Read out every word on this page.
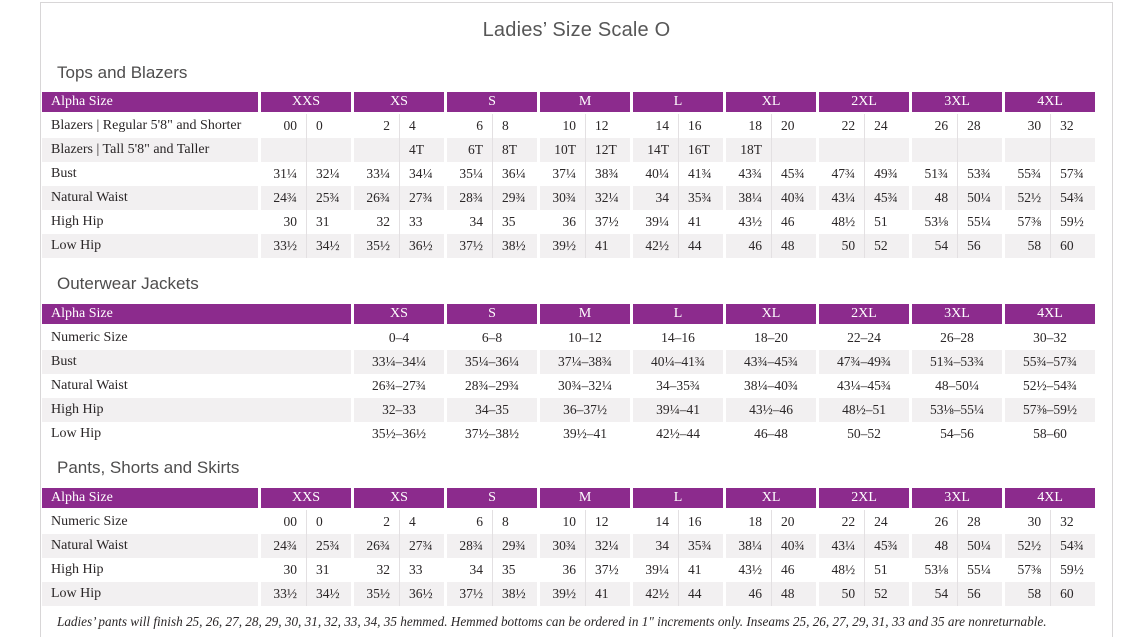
Ladies’ Size Scale O
Tops and Blazers
Alpha Size	XXS		XS		S		M		L		XL		2XL		3XL		4XL	
Blazers | Regular 5'8" and Shorter	00	0	2	4	6	8	10	12	14	16	18	20	22	24	26	28	30	32
Blazers | Tall 5'8" and Taller				4T	6T	8T	10T	12T	14T	16T	18T							
Bust	31¼	32¼	33¼	34¼	35¼	36¼	37¼	38¾	40¼	41¾	43¾	45¾	47¾	49¾	51¾	53¾	55¾	57¾
Natural Waist	24¾	25¾	26¾	27¾	28¾	29¾	30¾	32¼	34	35¾	38¼	40¾	43¼	45¾	48	50¼	52½	54¾
High Hip	30	31	32	33	34	35	36	37½	39¼	41	43½	46	48½	51	53⅛	55¼	57⅜	59½
Low Hip	33½	34½	35½	36½	37½	38½	39½	41	42½	44	46	48	50	52	54	56	58	60
Outerwear Jackets
Alpha Size	XS	S	M	L	XL	2XL	3XL	4XL
Numeric Size	0–4	6–8	10–12	14–16	18–20	22–24	26–28	30–32
Bust	33¼–34¼	35¼–36¼	37¼–38¾	40¼–41¾	43¾–45¾	47¾–49¾	51¾–53¾	55¾–57¾
Natural Waist	26¾–27¾	28¾–29¾	30¾–32¼	34–35¾	38¼–40¾	43¼–45¾	48–50¼	52½–54¾
High Hip	32–33	34–35	36–37½	39¼–41	43½–46	48½–51	53⅛–55¼	57⅜–59½
Low Hip	35½–36½	37½–38½	39½–41	42½–44	46–48	50–52	54–56	58–60
Pants, Shorts and Skirts
Alpha Size	XXS		XS		S		M		L		XL		2XL		3XL		4XL	
Numeric Size	00	0	2	4	6	8	10	12	14	16	18	20	22	24	26	28	30	32
Natural Waist	24¾	25¾	26¾	27¾	28¾	29¾	30¾	32¼	34	35¾	38¼	40¾	43¼	45¾	48	50¼	52½	54¾
High Hip	30	31	32	33	34	35	36	37½	39¼	41	43½	46	48½	51	53⅛	55¼	57⅜	59½
Low Hip	33½	34½	35½	36½	37½	38½	39½	41	42½	44	46	48	50	52	54	56	58	60

Ladies’ pants will finish 25, 26, 27, 28, 29, 30, 31, 32, 33, 34, 35 hemmed. Hemmed bottoms can be ordered in 1" increments only. Inseams 25, 26, 27, 29, 31, 33 and 35 are nonreturnable.
